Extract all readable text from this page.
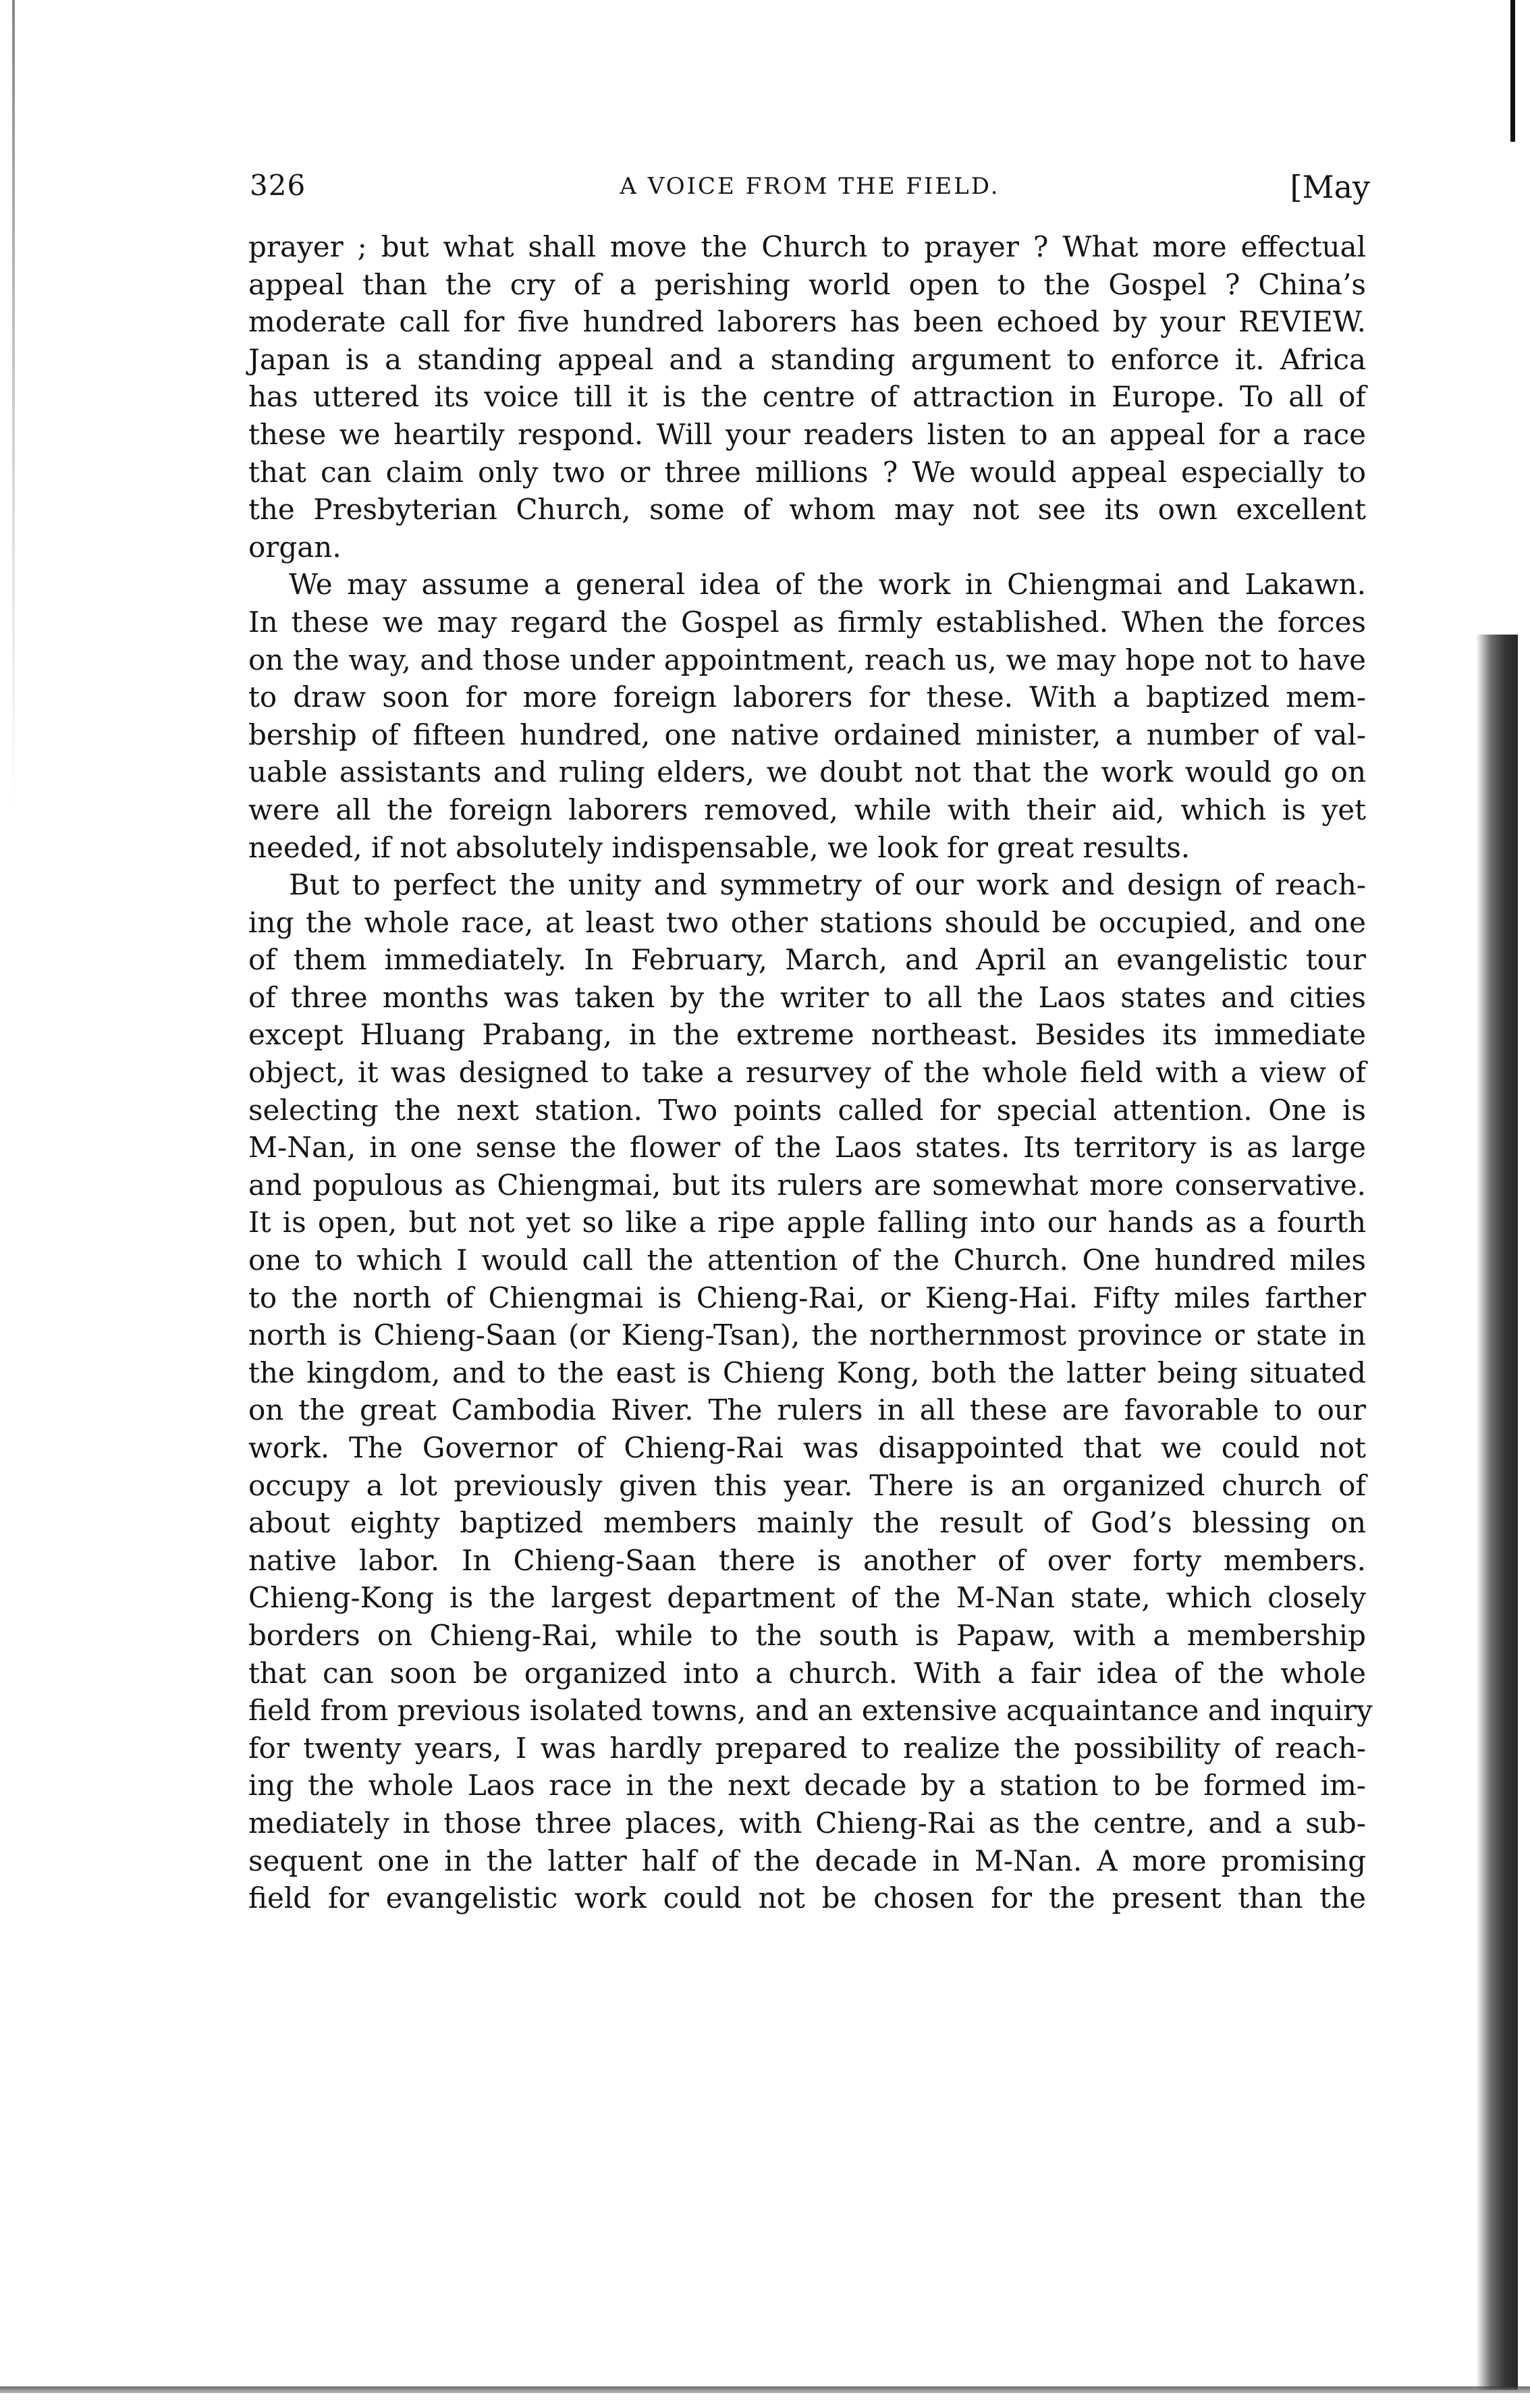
326	A VOICE FROM THE FIELD.	[May
prayer ; but what shall move the Church to prayer ? What more effectual
appeal than the cry of a perishing world open to the Gospel ? China’s
moderate call for five hundred laborers has been echoed by your REVIEW.
Japan is a standing appeal and a standing argument to enforce it. Africa
has uttered its voice till it is the centre of attraction in Europe. To all of
these we heartily respond. Will your readers listen to an appeal for a race
that can claim only two or three millions ? We would appeal especially to
the Presbyterian Church, some of whom may not see its own excellent
organ.
We may assume a general idea of the work in Chiengmai and Lakawn.
In these we may regard the Gospel as firmly established. When the forces
on the way, and those under appointment, reach us, we may hope not to have
to draw soon for more foreign laborers for these. With a baptized mem-
bership of fifteen hundred, one native ordained minister, a number of val-
uable assistants and ruling elders, we doubt not that the work would go on
were all the foreign laborers removed, while with their aid, which is yet
needed, if not absolutely indispensable, we look for great results.
But to perfect the unity and symmetry of our work and design of reach-
ing the whole race, at least two other stations should be occupied, and one
of them immediately. In February, March, and April an evangelistic tour
of three months was taken by the writer to all the Laos states and cities
except Hluang Prabang, in the extreme northeast. Besides its immediate
object, it was designed to take a resurvey of the whole field with a view of
selecting the next station. Two points called for special attention. One is
M-Nan, in one sense the flower of the Laos states. Its territory is as large
and populous as Chiengmai, but its rulers are somewhat more conservative.
It is open, but not yet so like a ripe apple falling into our hands as a fourth
one to which I would call the attention of the Church. One hundred miles
to the north of Chiengmai is Chieng-Rai, or Kieng-Hai. Fifty miles farther
north is Chieng-Saan (or Kieng-Tsan), the northernmost province or state in
the kingdom, and to the east is Chieng Kong, both the latter being situated
on the great Cambodia River. The rulers in all these are favorable to our
work. The Governor of Chieng-Rai was disappointed that we could not
occupy a lot previously given this year. There is an organized church of
about eighty baptized members mainly the result of God’s blessing on
native labor. In Chieng-Saan there is another of over forty members.
Chieng-Kong is the largest department of the M-Nan state, which closely
borders on Chieng-Rai, while to the south is Papaw, with a membership
that can soon be organized into a church. With a fair idea of the whole
field from previous isolated towns, and an extensive acquaintance and inquiry
for twenty years, I was hardly prepared to realize the possibility of reach-
ing the whole Laos race in the next decade by a station to be formed im-
mediately in those three places, with Chieng-Rai as the centre, and a sub-
sequent one in the latter half of the decade in M-Nan. A more promising
field for evangelistic work could not be chosen for the present than the
